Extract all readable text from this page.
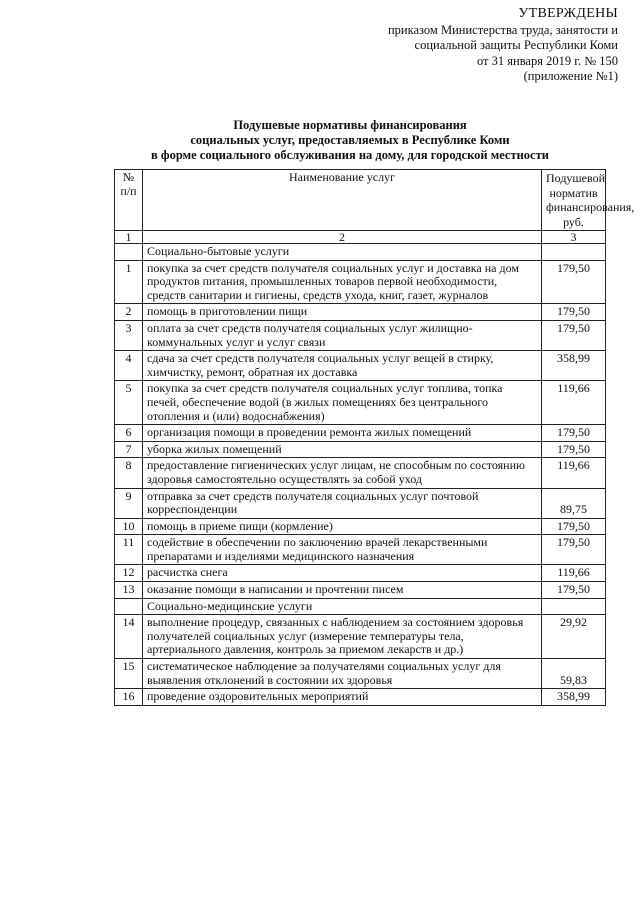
УТВЕРЖДЕНЫ
приказом Министерства труда, занятости и
социальной защиты Республики Коми
от 31 января 2019 г. № 150
(приложение №1)
Подушевые нормативы финансирования
социальных услуг, предоставляемых в Республике Коми
в форме социального обслуживания на дому, для городской местности
№ п/п	Наименование услуг	Подушевой норматив финансирования, руб.
1	2	3
	Социально-бытовые услуги	
1	покупка за счет средств получателя социальных услуг и доставка на дом продуктов питания, промышленных товаров первой необходимости, средств санитарии и гигиены, средств ухода, книг, газет, журналов	179,50
2	помощь в приготовлении пищи	179,50
3	оплата за счет средств получателя социальных услуг жилищно-коммунальных услуг и услуг связи	179,50
4	сдача за счет средств получателя социальных услуг вещей в стирку, химчистку, ремонт, обратная их доставка	358,99
5	покупка за счет средств получателя социальных услуг топлива, топка печей, обеспечение водой (в жилых помещениях без центрального отопления и (или) водоснабжения)	119,66
6	организация помощи в проведении ремонта жилых помещений	179,50
7	уборка жилых помещений	179,50
8	предоставление гигиенических услуг лицам, не способным по состоянию здоровья самостоятельно осуществлять за собой уход	119,66
9	отправка за счет средств получателя социальных услуг почтовой корреспонденции	89,75
10	помощь в приеме пищи (кормление)	179,50
11	содействие в обеспечении по заключению врачей лекарственными препаратами и изделиями медицинского назначения	179,50
12	расчистка снега	119,66
13	оказание помощи в написании и прочтении писем	179,50
	Социально-медицинские услуги	
14	выполнение процедур, связанных с наблюдением за состоянием здоровья получателей социальных услуг (измерение температуры тела, артериального давления, контроль за приемом лекарств и др.)	29,92
15	систематическое наблюдение за получателями социальных услуг для выявления отклонений в состоянии их здоровья	59,83
16	проведение оздоровительных мероприятий	358,99
